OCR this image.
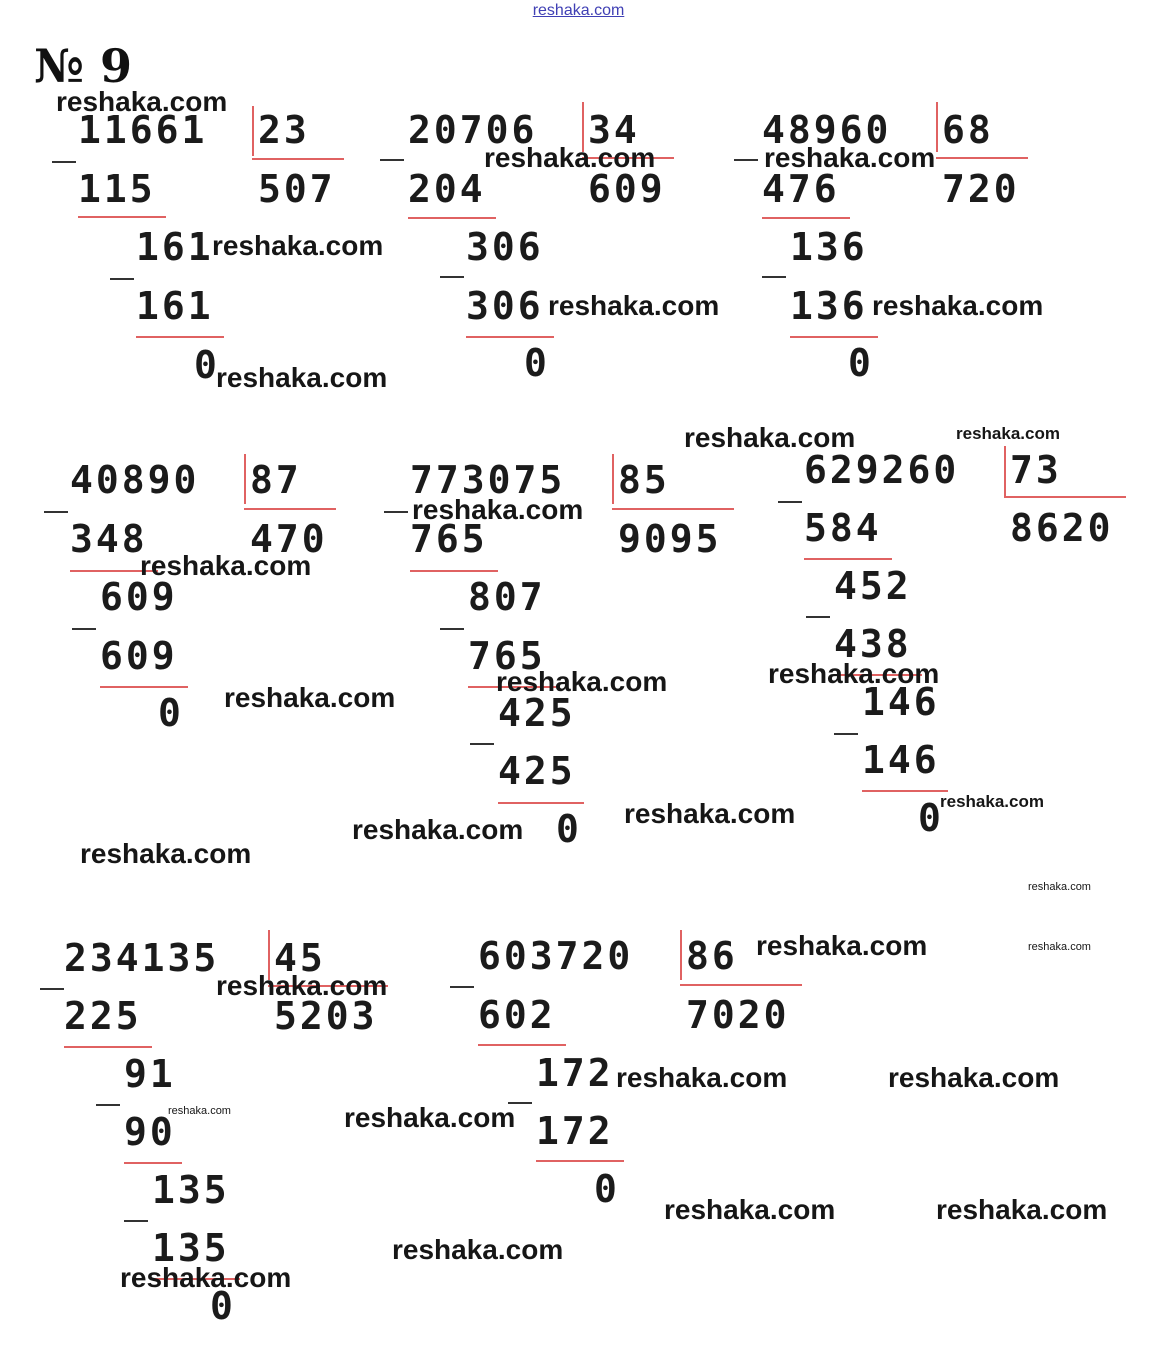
reshaka.com
№ 9
11661 23
507
115
161
161
0
20706 34
609
204
306
306
0
48960 68
720
476
136
136
0
40890 87
470
348
609
609
0
773075 85
9095
765
807
765
425
425
0
629260 73
8620
584
452
438
146
146
0
234135 45
5203
225
91
90
135
135
0
603720 86
7020
602
172
172
0
reshaka.com
reshaka.com	reshaka.com
reshaka.com
reshaka.com	reshaka.com
reshaka.com
reshaka.com	reshaka.com
reshaka.com
reshaka.com
reshaka.com
reshaka.com
reshaka.com
reshaka.com
reshaka.com
reshaka.com
reshaka.com
reshaka.com
reshaka.com	reshaka.com
reshaka.com
reshaka.com	reshaka.com
reshaka.com	reshaka.com
reshaka.com	reshaka.com
reshaka.com
reshaka.com
